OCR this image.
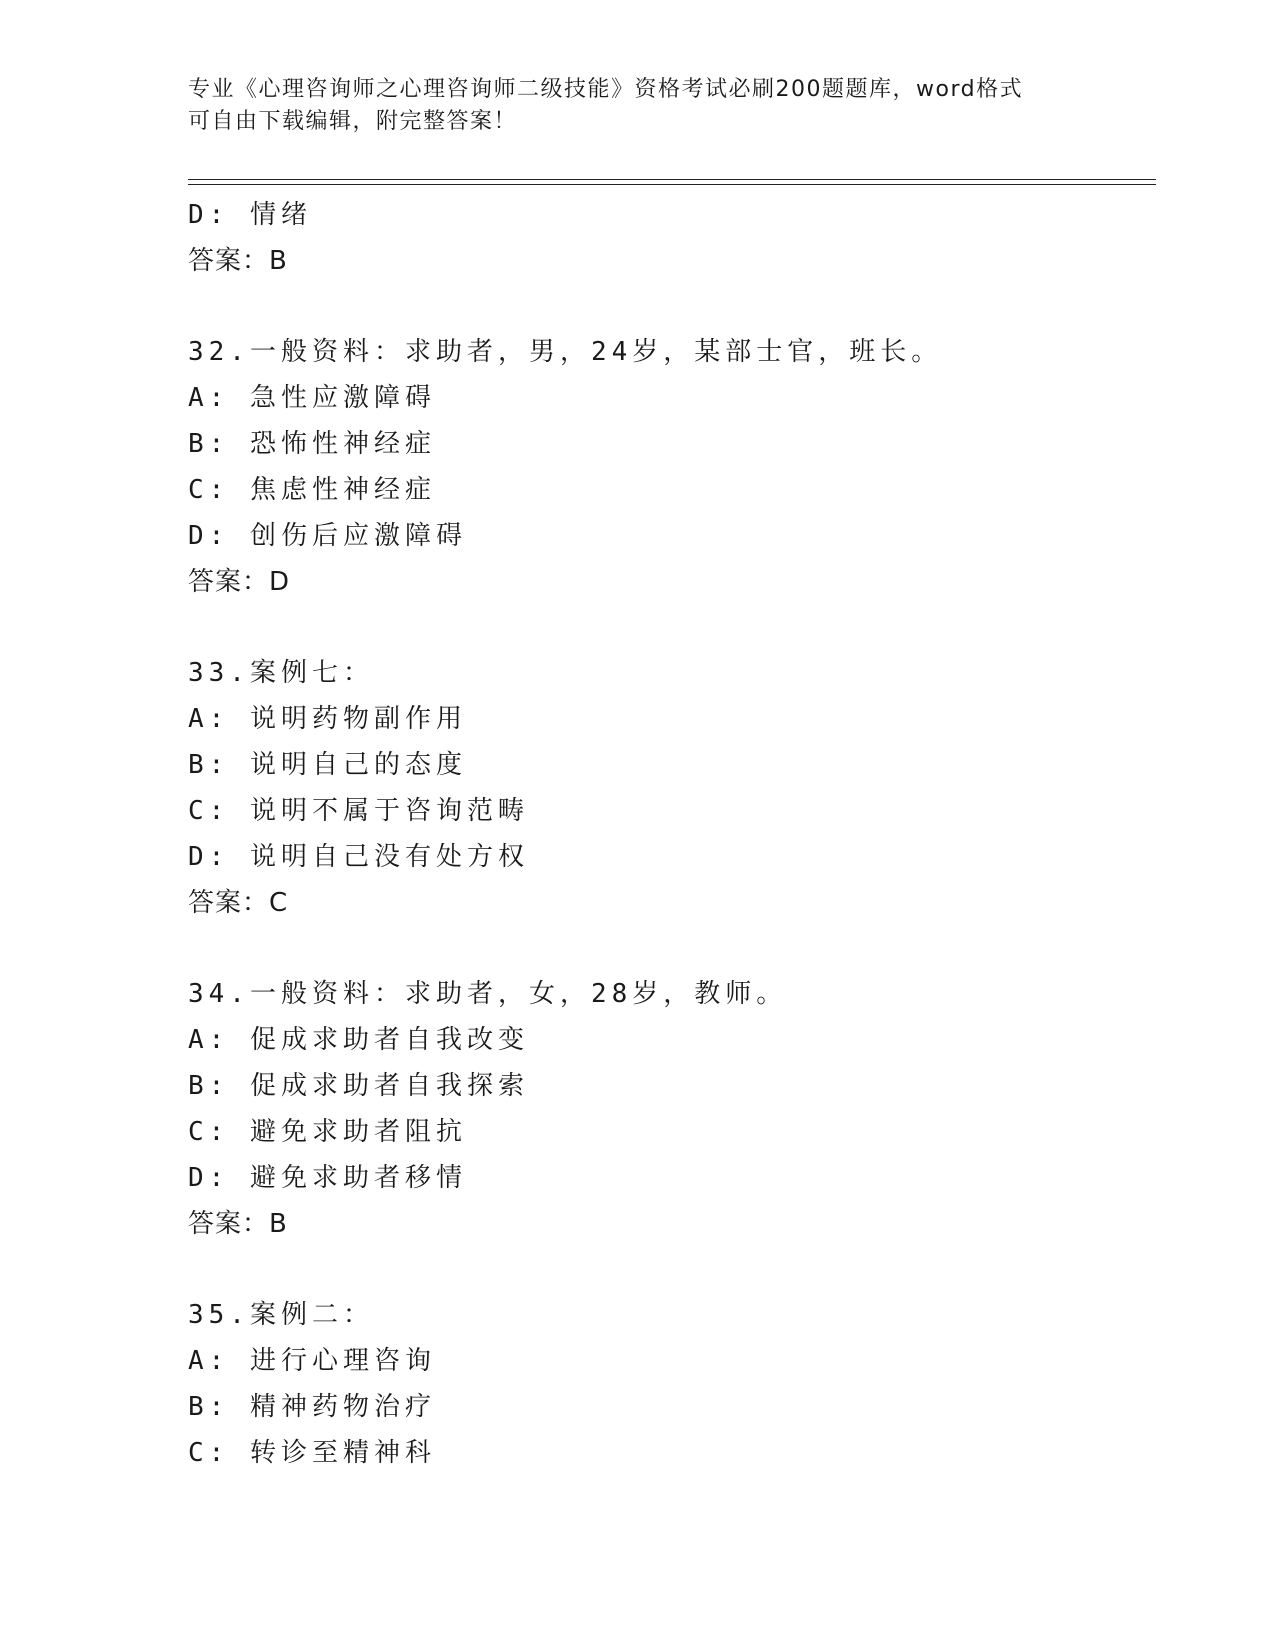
专业《心理咨询师之心理咨询师二级技能》资格考试必刷200题题库，word格式
可自由下载编辑，附完整答案！
D: 情绪
答案：B
32.一般资料：求助者，男，24岁，某部士官，班长。
A: 急性应激障碍
B: 恐怖性神经症
C: 焦虑性神经症
D: 创伤后应激障碍
答案：D
33.案例七：
A: 说明药物副作用
B: 说明自己的态度
C: 说明不属于咨询范畴
D: 说明自己没有处方权
答案：C
34.一般资料：求助者，女，28岁，教师。
A: 促成求助者自我改变
B: 促成求助者自我探索
C: 避免求助者阻抗
D: 避免求助者移情
答案：B
35.案例二：
A: 进行心理咨询
B: 精神药物治疗
C: 转诊至精神科
